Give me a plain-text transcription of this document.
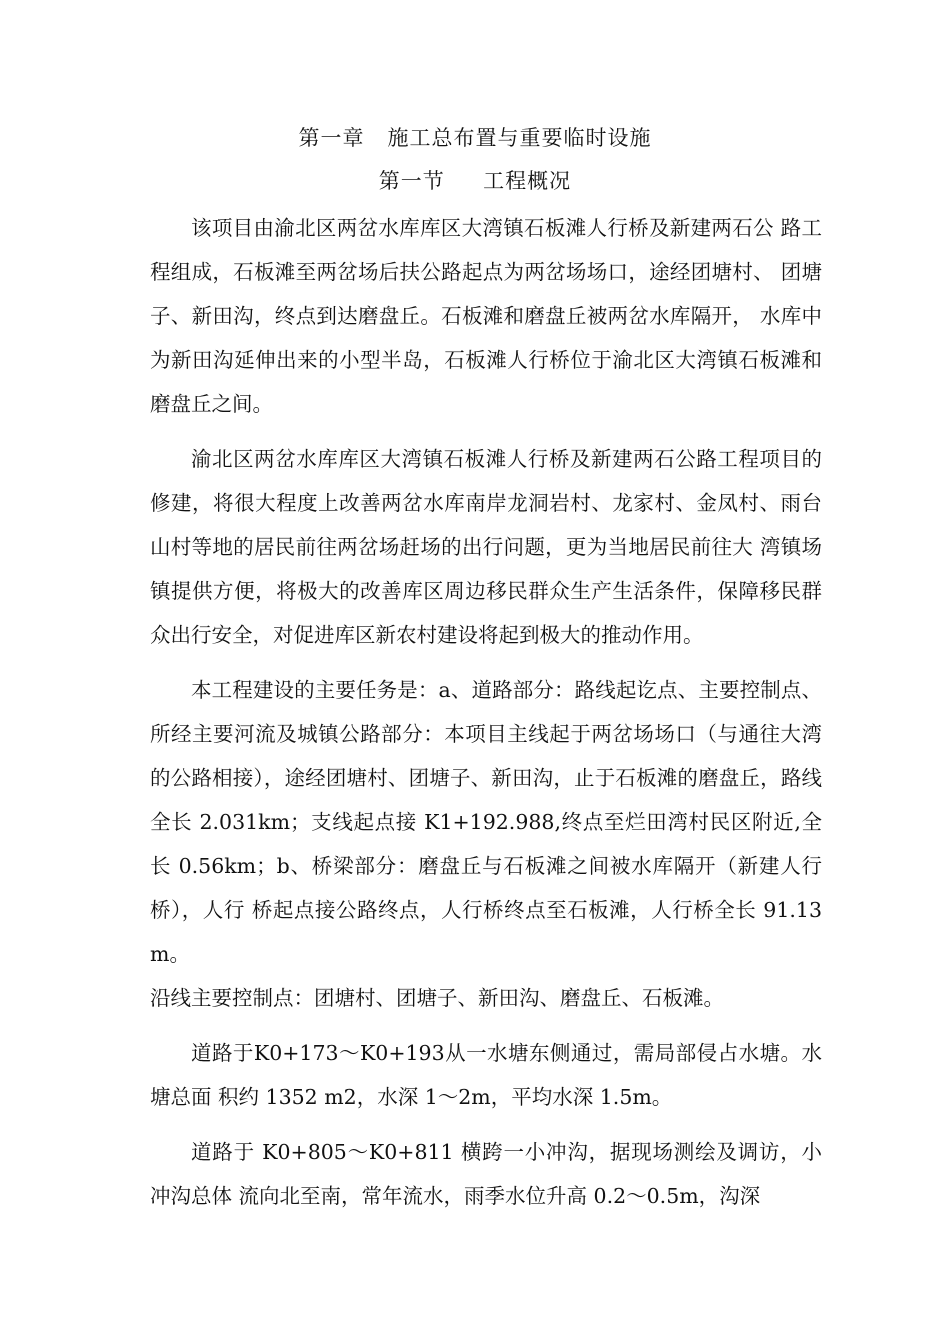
第一章   施工总布置与重要临时设施
第一节     工程概况

该项目由渝北区两岔水库库区大湾镇石板滩人行桥及新建两石公 路工程组成，石板滩至两岔场后扶公路起点为两岔场场口，途经团塘村、 团塘子、新田沟，终点到达磨盘丘。石板滩和磨盘丘被两岔水库隔开， 水库中为新田沟延伸出来的小型半岛，石板滩人行桥位于渝北区大湾镇石板滩和磨盘丘之间。

渝北区两岔水库库区大湾镇石板滩人行桥及新建两石公路工程项目的修建，将很大程度上改善两岔水库南岸龙洞岩村、龙家村、金凤村、雨台山村等地的居民前往两岔场赶场的出行问题，更为当地居民前往大 湾镇场镇提供方便，将极大的改善库区周边移民群众生产生活条件，保障移民群众出行安全，对促进库区新农村建设将起到极大的推动作用。

本工程建设的主要任务是：a、道路部分：路线起讫点、主要控制点、所经主要河流及城镇公路部分：本项目主线起于两岔场场口（与通往大湾的公路相接），途经团塘村、团塘子、新田沟，止于石板滩的磨盘丘，路线全长 2.031km；支线起点接 K1+192.988,终点至烂田湾村民区附近,全长 0.56km；b、桥梁部分：磨盘丘与石板滩之间被水库隔开（新建人行桥），人行 桥起点接公路终点，人行桥终点至石板滩，人行桥全长 91.13m。

沿线主要控制点：团塘村、团塘子、新田沟、磨盘丘、石板滩。

道路于K0+173～K0+193从一水塘东侧通过，需局部侵占水塘。水塘总面 积约 1352 m2，水深 1～2m，平均水深 1.5m。

道路于 K0+805～K0+811 横跨一小冲沟，据现场测绘及调访，小冲沟总体 流向北至南，常年流水，雨季水位升高 0.2～0.5m，沟深
